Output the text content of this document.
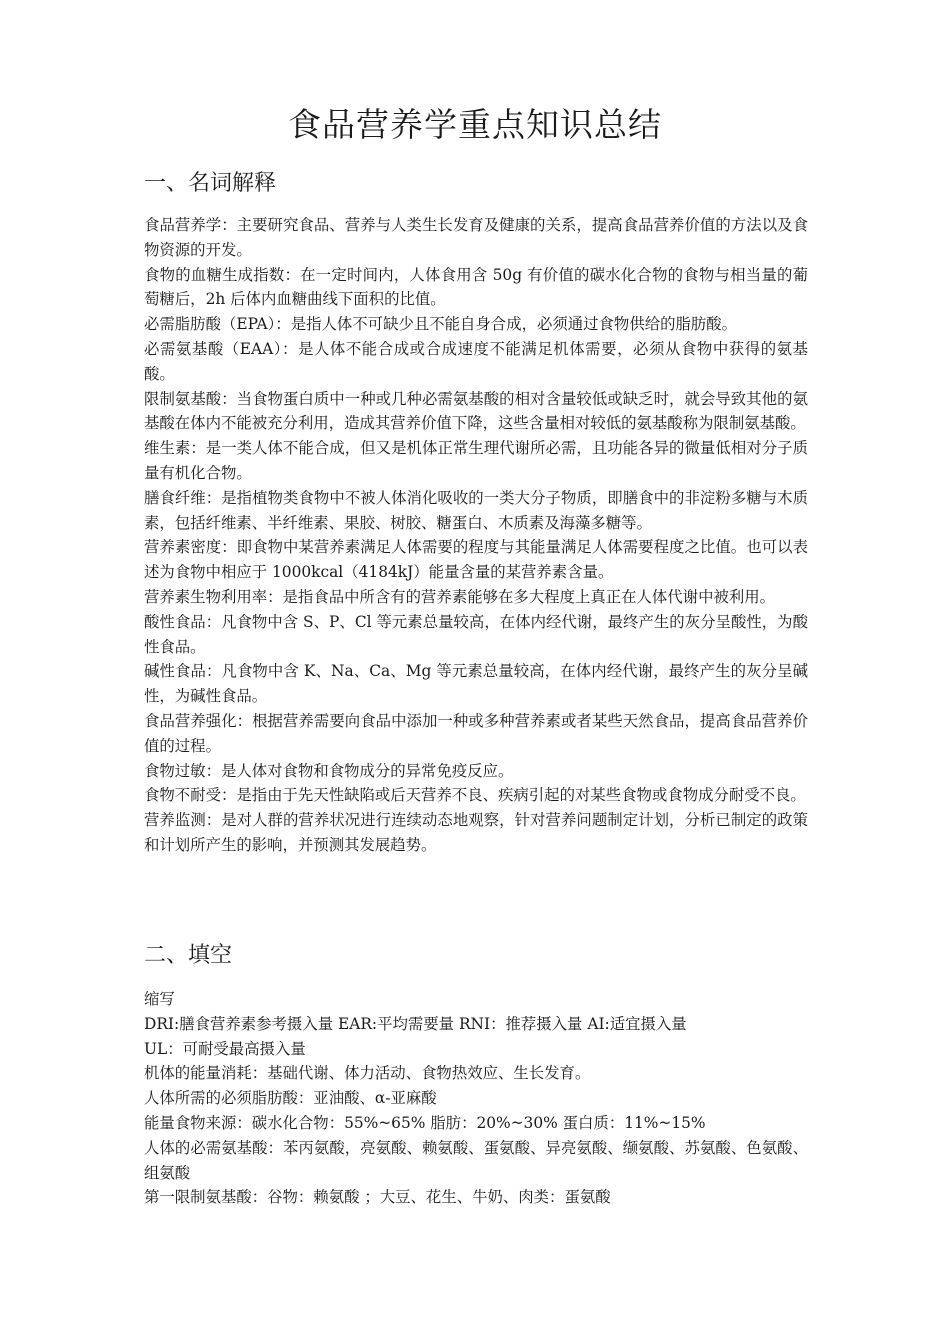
食品营养学重点知识总结
一、名词解释

食品营养学：主要研究食品、营养与人类生长发育及健康的关系，提高食品营养价值的方法以及食物资源的开发。

食物的血糖生成指数：在一定时间内，人体食用含 50g 有价值的碳水化合物的食物与相当量的葡萄糖后，2h 后体内血糖曲线下面积的比值。

必需脂肪酸（EPA）：是指人体不可缺少且不能自身合成，必须通过食物供给的脂肪酸。

必需氨基酸（EAA）：是人体不能合成或合成速度不能满足机体需要，必须从食物中获得的氨基酸。

限制氨基酸：当食物蛋白质中一种或几种必需氨基酸的相对含量较低或缺乏时，就会导致其他的氨基酸在体内不能被充分利用，造成其营养价值下降，这些含量相对较低的氨基酸称为限制氨基酸。

维生素：是一类人体不能合成，但又是机体正常生理代谢所必需，且功能各异的微量低相对分子质量有机化合物。

膳食纤维：是指植物类食物中不被人体消化吸收的一类大分子物质，即膳食中的非淀粉多糖与木质素，包括纤维素、半纤维素、果胶、树胶、糖蛋白、木质素及海藻多糖等。

营养素密度：即食物中某营养素满足人体需要的程度与其能量满足人体需要程度之比值。也可以表述为食物中相应于 1000kcal（4184kJ）能量含量的某营养素含量。

营养素生物利用率：是指食品中所含有的营养素能够在多大程度上真正在人体代谢中被利用。

酸性食品：凡食物中含 S、P、Cl 等元素总量较高，在体内经代谢，最终产生的灰分呈酸性，为酸性食品。

碱性食品：凡食物中含 K、Na、Ca、Mg 等元素总量较高，在体内经代谢，最终产生的灰分呈碱性，为碱性食品。

食品营养强化：根据营养需要向食品中添加一种或多种营养素或者某些天然食品，提高食品营养价值的过程。

食物过敏：是人体对食物和食物成分的异常免疫反应。

食物不耐受：是指由于先天性缺陷或后天营养不良、疾病引起的对某些食物或食物成分耐受不良。

营养监测：是对人群的营养状况进行连续动态地观察，针对营养问题制定计划，分析已制定的政策和计划所产生的影响，并预测其发展趋势。

二、填空

缩写

DRI:膳食营养素参考摄入量 EAR:平均需要量 RNI：推荐摄入量 AI:适宜摄入量

UL：可耐受最高摄入量

机体的能量消耗：基础代谢、体力活动、食物热效应、生长发育。

人体所需的必须脂肪酸：亚油酸、α-亚麻酸

能量食物来源：碳水化合物：55%~65% 脂肪：20%~30% 蛋白质：11%~15%

人体的必需氨基酸：苯丙氨酸，亮氨酸、赖氨酸、蛋氨酸、异亮氨酸、缬氨酸、苏氨酸、色氨酸、组氨酸

第一限制氨基酸：谷物：赖氨酸 ；大豆、花生、牛奶、肉类：蛋氨酸
